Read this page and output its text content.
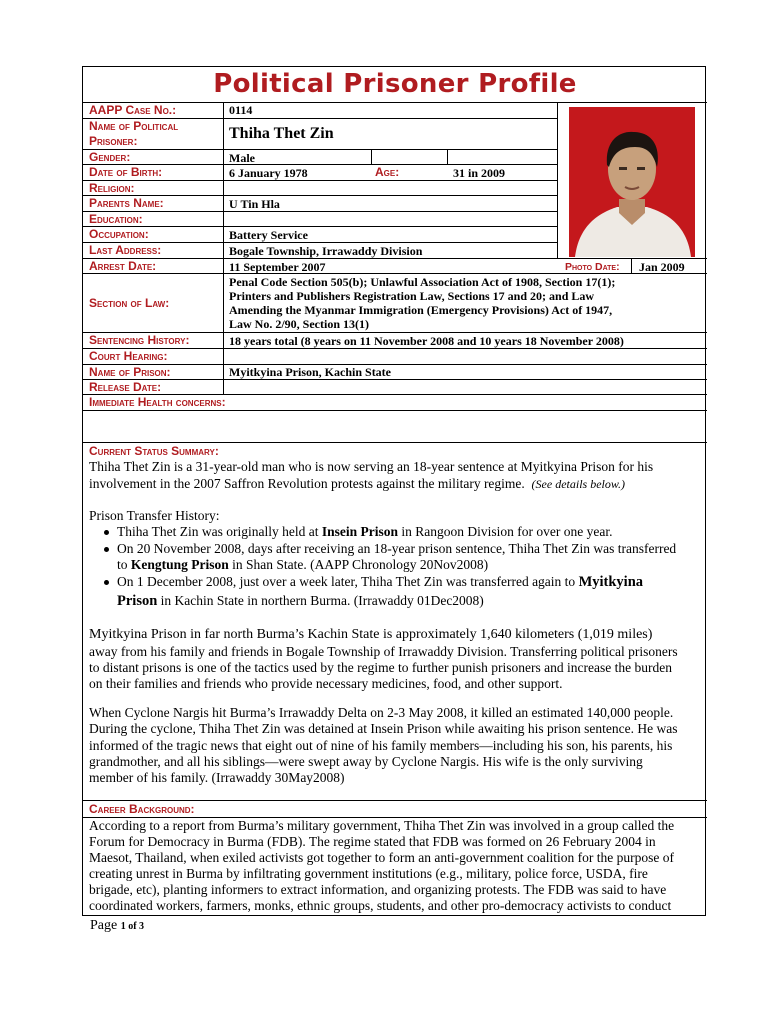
Political Prisoner Profile
AAPP Case No.:	0114
Name of Political
Prisoner:	Thiha Thet Zin
Gender:	Male
Date of Birth:	6 January 1978	Age:	31 in 2009
Religion:
Parents Name:	U Tin Hla
Education:
Occupation:	Battery Service
Last Address:	Bogale Township, Irrawaddy Division
Arrest Date:	11 September 2007	Photo Date: Jan 2009
Section of Law:
Penal Code Section 505(b); Unlawful Association Act of 1908, Section 17(1); Printers and Publishers Registration Law, Sections 17 and 20; and Law Amending the Myanmar Immigration (Emergency Provisions) Act of 1947, Law No. 2/90, Section 13(1)
Sentencing History:	18 years total (8 years on 11 November 2008 and 10 years 18 November 2008)
Court Hearing:
Name of Prison:	Myitkyina Prison, Kachin State
Release Date:
Immediate Health concerns:
Current Status Summary:
Thiha Thet Zin is a 31-year-old man who is now serving an 18-year sentence at Myitkyina Prison for his
involvement in the 2007 Saffron Revolution protests against the military regime. (See details below.)
Prison Transfer History:
Thiha Thet Zin was originally held at Insein Prison in Rangoon Division for over one year.
On 20 November 2008, days after receiving an 18-year prison sentence, Thiha Thet Zin was transferred
to Kengtung Prison in Shan State. (AAPP Chronology 20Nov2008)
On 1 December 2008, just over a week later, Thiha Thet Zin was transferred again to Myitkyina
Prison in Kachin State in northern Burma. (Irrawaddy 01Dec2008)
Myitkyina Prison in far north Burma’s Kachin State is approximately 1,640 kilometers (1,019 miles)
away from his family and friends in Bogale Township of Irrawaddy Division. Transferring political prisoners
to distant prisons is one of the tactics used by the regime to further punish prisoners and increase the burden
on their families and friends who provide necessary medicines, food, and other support.
When Cyclone Nargis hit Burma’s Irrawaddy Delta on 2-3 May 2008, it killed an estimated 140,000 people.
During the cyclone, Thiha Thet Zin was detained at Insein Prison while awaiting his prison sentence. He was
informed of the tragic news that eight out of nine of his family members—including his son, his parents, his
grandmother, and all his siblings—were swept away by Cyclone Nargis. His wife is the only surviving
member of his family. (Irrawaddy 30May2008)
Career Background:
According to a report from Burma’s military government, Thiha Thet Zin was involved in a group called the
Forum for Democracy in Burma (FDB). The regime stated that FDB was formed on 26 February 2004 in
Maesot, Thailand, when exiled activists got together to form an anti-government coalition for the purpose of
creating unrest in Burma by infiltrating government institutions (e.g., military, police force, USDA, fire
brigade, etc), planting informers to extract information, and organizing protests. The FDB was said to have
coordinated workers, farmers, monks, ethnic groups, students, and other pro-democracy activists to conduct
Page 1 of 3
